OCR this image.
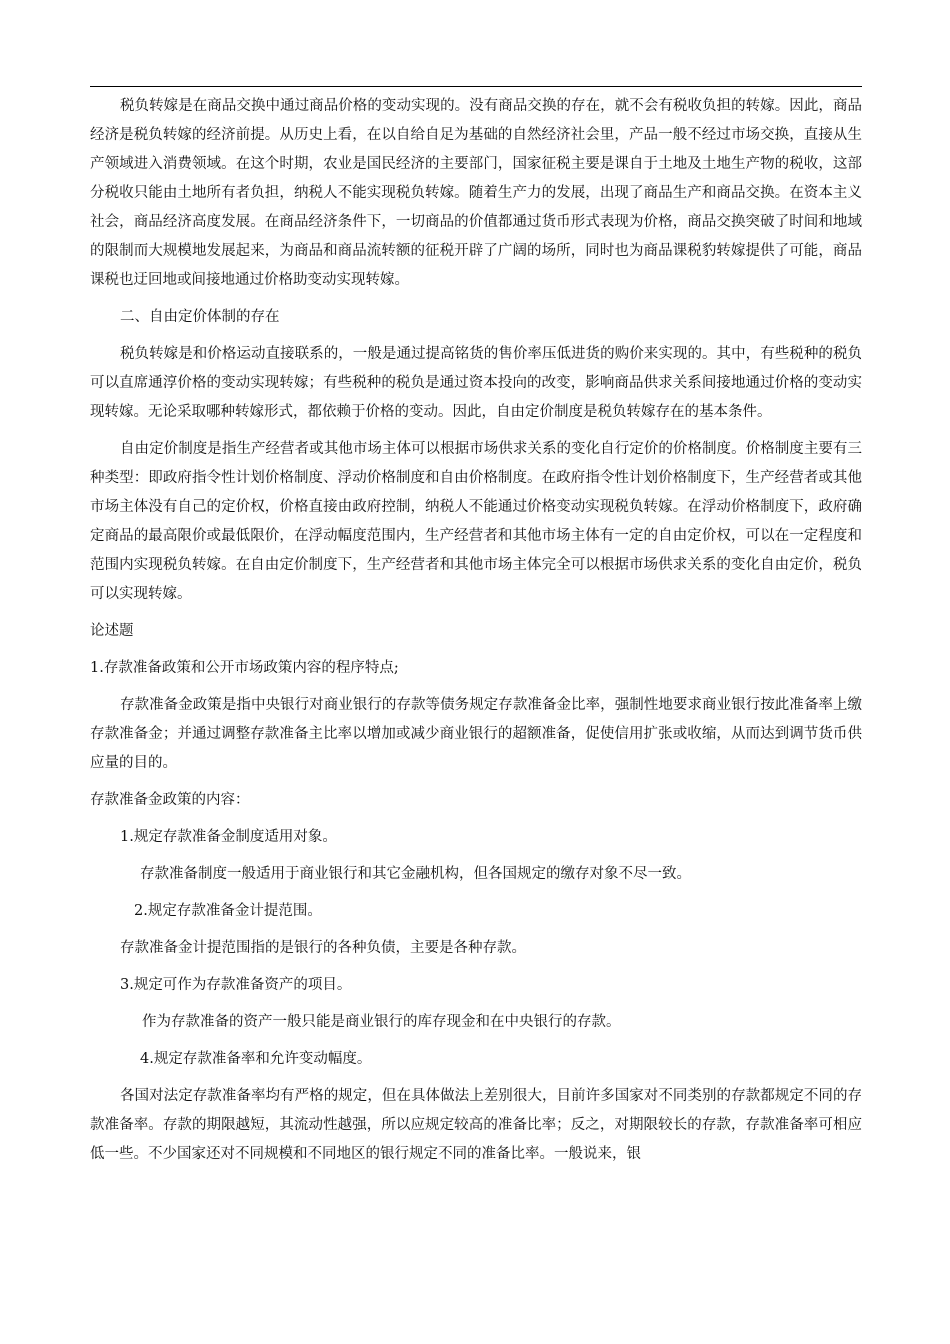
税负转嫁是在商品交换中通过商品价格的变动实现的。没有商品交换的存在，就不会有税收负担的转嫁。因此，商品经济是税负转嫁的经济前提。从历史上看，在以自给自足为基础的自然经济社会里，产品一般不经过市场交换，直接从生产领域进入消费领域。在这个时期，农业是国民经济的主要部门，国家征税主要是课自于土地及土地生产物的税收，这部分税收只能由土地所有者负担，纳税人不能实现税负转嫁。随着生产力的发展，出现了商品生产和商品交换。在资本主义社会，商品经济高度发展。在商品经济条件下，一切商品的价值都通过货币形式表现为价格，商品交换突破了时间和地域的限制而大规模地发展起来，为商品和商品流转额的征税开辟了广阔的场所，同时也为商品课税豹转嫁提供了可能，商品课税也迂回地或间接地通过价格助变动实现转嫁。

二、自由定价体制的存在

税负转嫁是和价格运动直接联系的，一般是通过提高铭货的售价率压低进货的购价来实现的。其中，有些税种的税负可以直席通淳价格的变动实现转嫁；有些税种的税负是通过资本投向的改变，影响商品供求关系间接地通过价格的变动实现转嫁。无论采取哪种转嫁形式，都依赖于价格的变动。因此，自由定价制度是税负转嫁存在的基本条件。

自由定价制度是指生产经营者或其他市场主体可以根据市场供求关系的变化自行定价的价格制度。价格制度主要有三种类型：即政府指令性计划价格制度、浮动价格制度和自由价格制度。在政府指令性计划价格制度下，生产经营者或其他市场主体没有自己的定价权，价格直接由政府控制，纳税人不能通过价格变动实现税负转嫁。在浮动价格制度下，政府确定商品的最高限价或最低限价，在浮动幅度范围内，生产经营者和其他市场主体有一定的自由定价权，可以在一定程度和范围内实现税负转嫁。在自由定价制度下，生产经营者和其他市场主体完全可以根据市场供求关系的变化自由定价，税负可以实现转嫁。

论述题

1.存款准备政策和公开市场政策内容的程序特点;

存款准备金政策是指中央银行对商业银行的存款等债务规定存款准备金比率，强制性地要求商业银行按此准备率上缴存款准备金；并通过调整存款准备主比率以增加或减少商业银行的超额准备，促使信用扩张或收缩，从而达到调节货币供应量的目的。

存款准备金政策的内容：

1.规定存款准备金制度适用对象。

存款准备制度一般适用于商业银行和其它金融机构，但各国规定的缴存对象不尽一致。

2.规定存款准备金计提范围。

存款准备金计提范围指的是银行的各种负债，主要是各种存款。

3.规定可作为存款准备资产的项目。

作为存款准备的资产一般只能是商业银行的库存现金和在中央银行的存款。

4.规定存款准备率和允许变动幅度。

各国对法定存款准备率均有严格的规定，但在具体做法上差别很大，目前许多国家对不同类别的存款都规定不同的存款准备率。存款的期限越短，其流动性越强，所以应规定较高的准备比率；反之，对期限较长的存款，存款准备率可相应低一些。不少国家还对不同规模和不同地区的银行规定不同的准备比率。一般说来，银
